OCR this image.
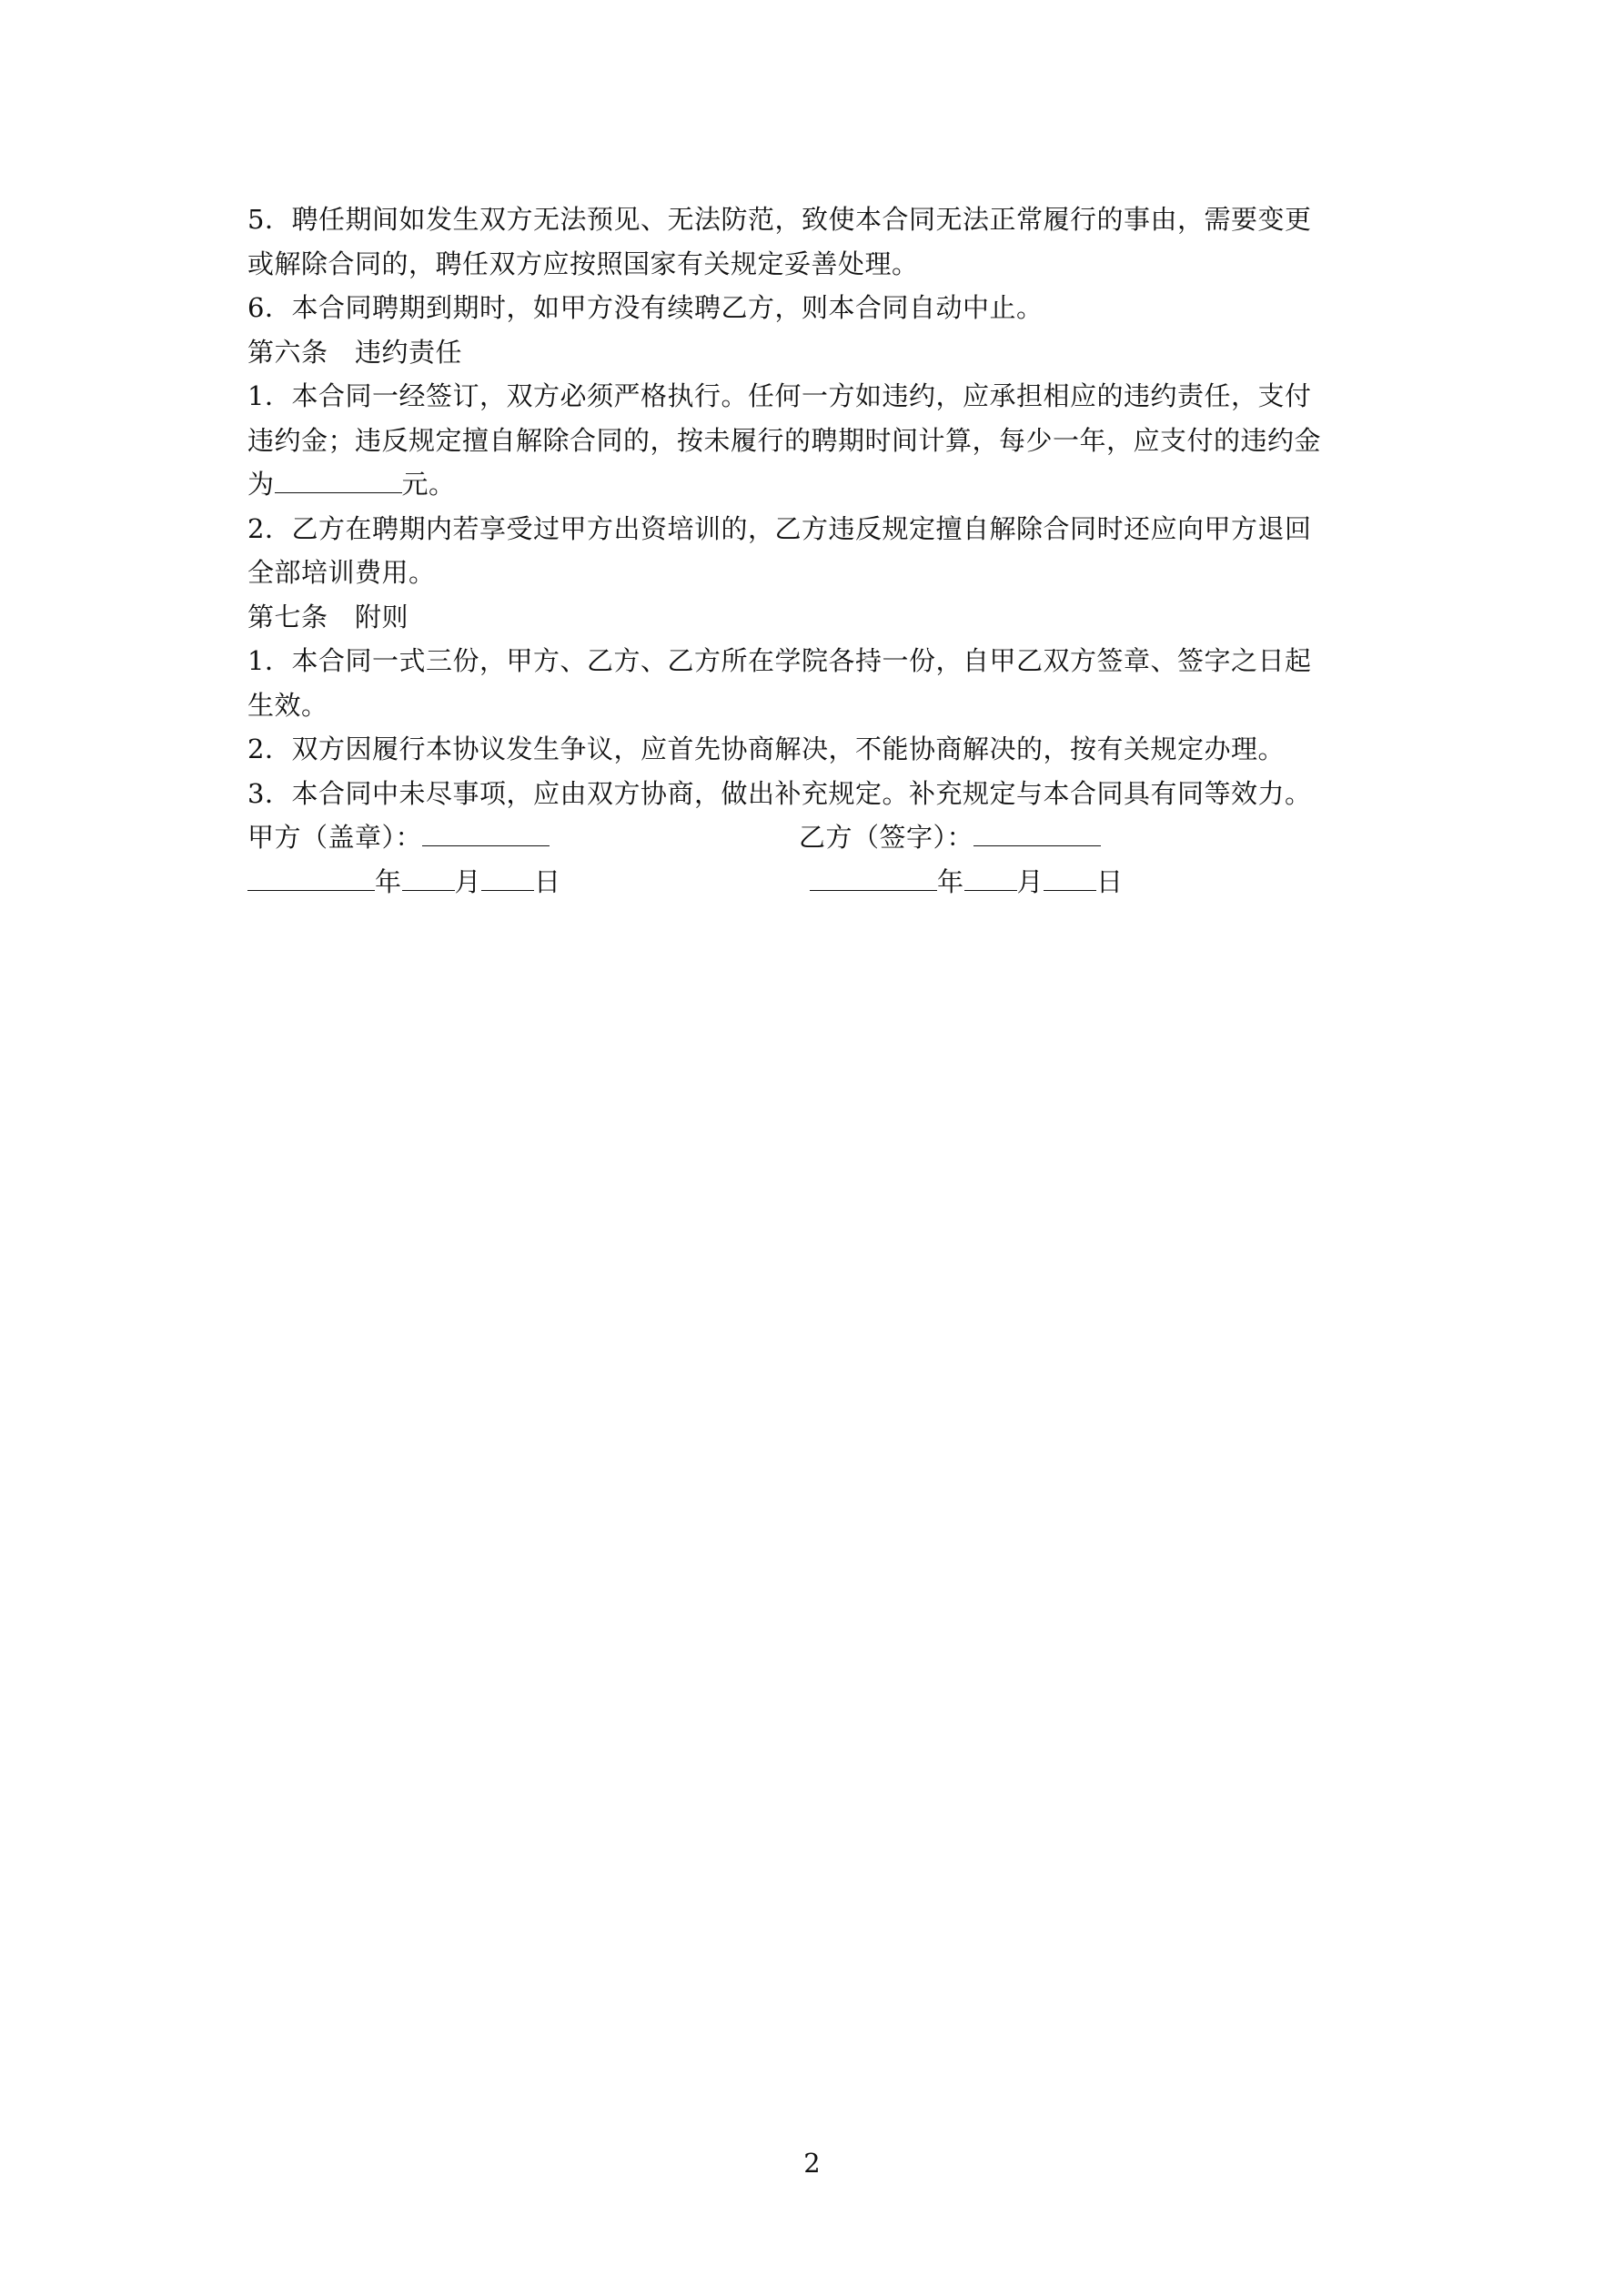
5．聘任期间如发生双方无法预见、无法防范，致使本合同无法正常履行的事由，需要变更
或解除合同的，聘任双方应按照国家有关规定妥善处理。
6．本合同聘期到期时，如甲方没有续聘乙方，则本合同自动中止。
第六条　违约责任
1．本合同一经签订，双方必须严格执行。任何一方如违约，应承担相应的违约责任，支付
违约金；违反规定擅自解除合同的，按未履行的聘期时间计算，每少一年，应支付的违约金
为	元。
2．乙方在聘期内若享受过甲方出资培训的，乙方违反规定擅自解除合同时还应向甲方退回
全部培训费用。
第七条　附则
1．本合同一式三份，甲方、乙方、乙方所在学院各持一份，自甲乙双方签章、签字之日起
生效。
2．双方因履行本协议发生争议，应首先协商解决，不能协商解决的，按有关规定办理。
3．本合同中未尽事项，应由双方协商，做出补充规定。补充规定与本合同具有同等效力。
甲方（盖章）：	乙方（签字）：
年 月 日	年 月 日
2
